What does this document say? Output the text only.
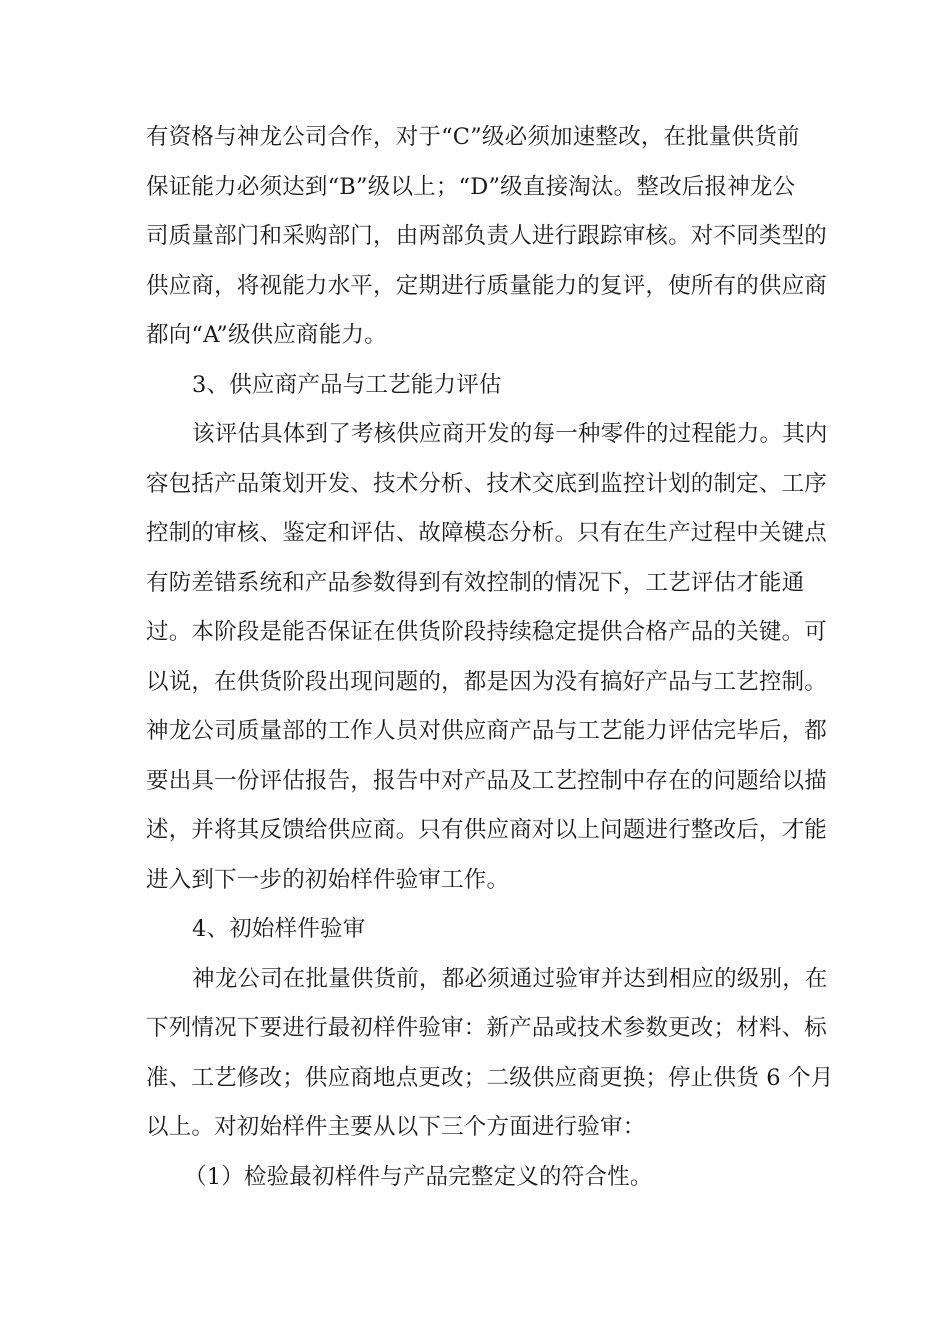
有资格与神龙公司合作，对于“C”级必须加速整改，在批量供货前
保证能力必须达到“B”级以上；“D”级直接淘汰。整改后报神龙公
司质量部门和采购部门，由两部负责人进行跟踪审核。对不同类型的
供应商，将视能力水平，定期进行质量能力的复评，使所有的供应商
都向“A”级供应商能力。
3、供应商产品与工艺能力评估
该评估具体到了考核供应商开发的每一种零件的过程能力。其内
容包括产品策划开发、技术分析、技术交底到监控计划的制定、工序
控制的审核、鉴定和评估、故障模态分析。只有在生产过程中关键点
有防差错系统和产品参数得到有效控制的情况下，工艺评估才能通
过。本阶段是能否保证在供货阶段持续稳定提供合格产品的关键。可
以说，在供货阶段出现问题的，都是因为没有搞好产品与工艺控制。
神龙公司质量部的工作人员对供应商产品与工艺能力评估完毕后，都
要出具一份评估报告，报告中对产品及工艺控制中存在的问题给以描
述，并将其反馈给供应商。只有供应商对以上问题进行整改后，才能
进入到下一步的初始样件验审工作。
4、初始样件验审
神龙公司在批量供货前，都必须通过验审并达到相应的级别，在
下列情况下要进行最初样件验审：新产品或技术参数更改；材料、标
准、工艺修改；供应商地点更改；二级供应商更换；停止供货 6 个月
以上。对初始样件主要从以下三个方面进行验审：
（1）检验最初样件与产品完整定义的符合性。
